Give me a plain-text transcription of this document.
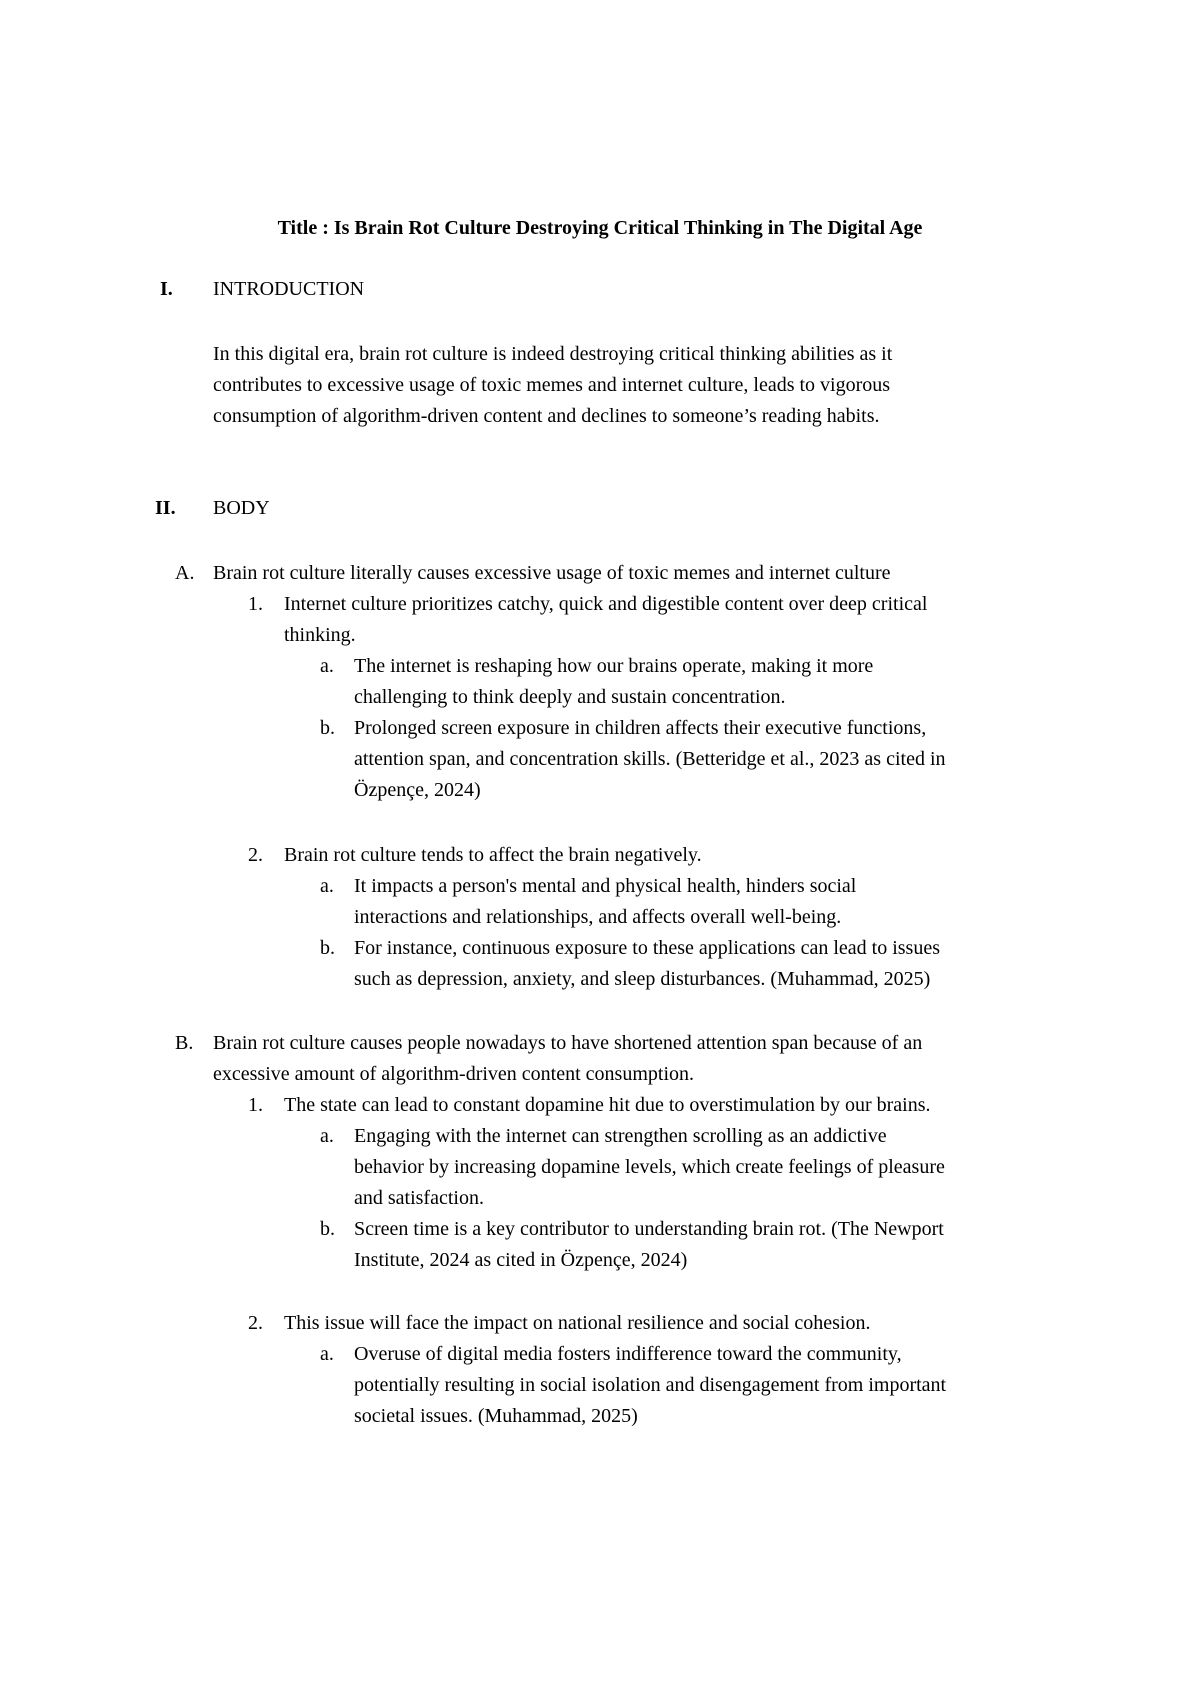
Title : Is Brain Rot Culture Destroying Critical Thinking in The Digital Age
I. INTRODUCTION
In this digital era, brain rot culture is indeed destroying critical thinking abilities as it
contributes to excessive usage of toxic memes and internet culture, leads to vigorous
consumption of algorithm-driven content and declines to someone’s reading habits.
II. BODY
A. Brain rot culture literally causes excessive usage of toxic memes and internet culture
1. Internet culture prioritizes catchy, quick and digestible content over deep critical
thinking.
a. The internet is reshaping how our brains operate, making it more
challenging to think deeply and sustain concentration.
b. Prolonged screen exposure in children affects their executive functions,
attention span, and concentration skills. (Betteridge et al., 2023 as cited in
Özpençe, 2024)
2. Brain rot culture tends to affect the brain negatively.
a. It impacts a person's mental and physical health, hinders social
interactions and relationships, and affects overall well-being.
b. For instance, continuous exposure to these applications can lead to issues
such as depression, anxiety, and sleep disturbances. (Muhammad, 2025)
B. Brain rot culture causes people nowadays to have shortened attention span because of an
excessive amount of algorithm-driven content consumption.
1. The state can lead to constant dopamine hit due to overstimulation by our brains.
a. Engaging with the internet can strengthen scrolling as an addictive
behavior by increasing dopamine levels, which create feelings of pleasure
and satisfaction.
b. Screen time is a key contributor to understanding brain rot. (The Newport
Institute, 2024 as cited in Özpençe, 2024)
2. This issue will face the impact on national resilience and social cohesion.
a. Overuse of digital media fosters indifference toward the community,
potentially resulting in social isolation and disengagement from important
societal issues. (Muhammad, 2025)
